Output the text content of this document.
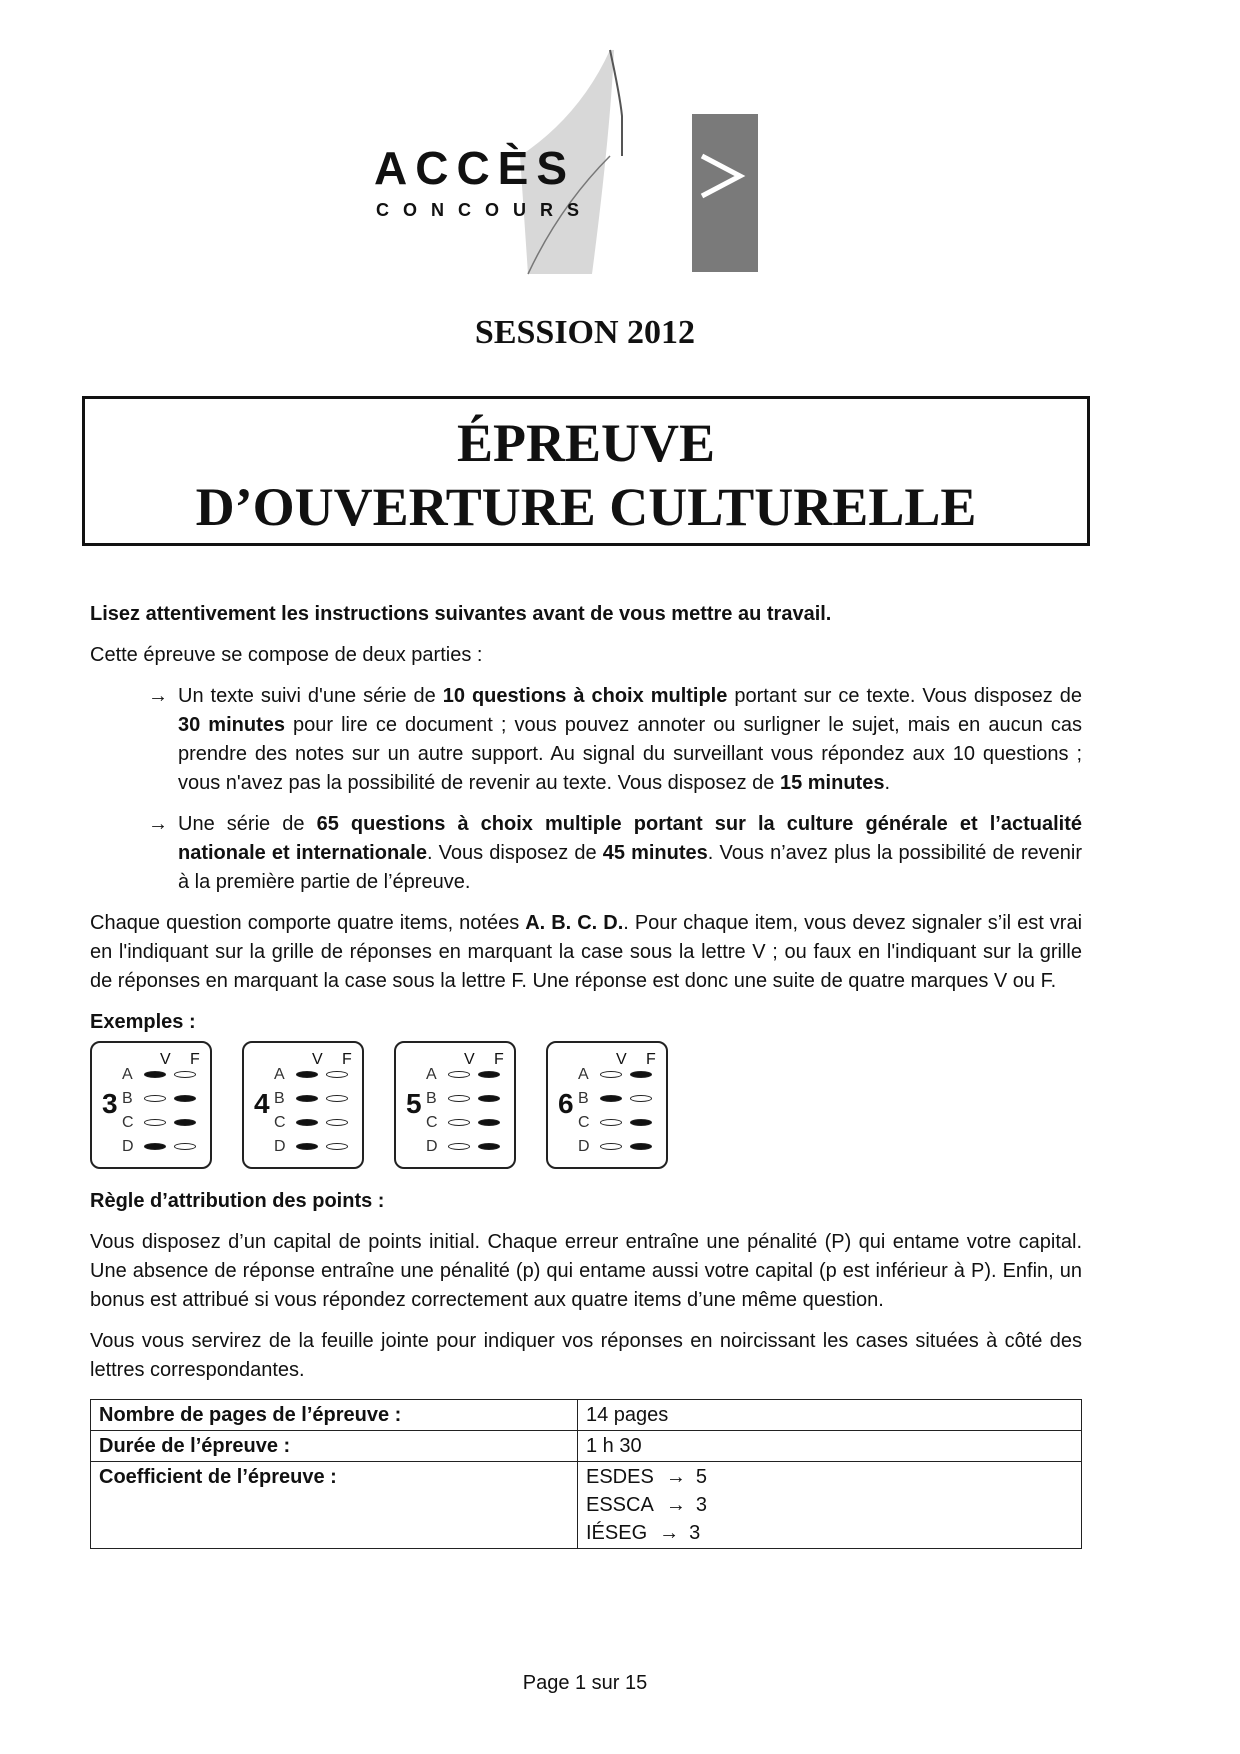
ACCÈS
CONCOURS
SESSION 2012
ÉPREUVE
D’OUVERTURE CULTURELLE

Lisez attentivement les instructions suivantes avant de vous mettre au travail.

Cette épreuve se compose de deux parties :

→ Un texte suivi d'une série de 10 questions à choix multiple portant sur ce texte. Vous disposez de 30 minutes pour lire ce document ; vous pouvez annoter ou surligner le sujet, mais en aucun cas prendre des notes sur un autre support. Au signal du surveillant vous répondez aux 10 questions ; vous n'avez pas la possibilité de revenir au texte. Vous disposez de 15 minutes.

→ Une série de 65 questions à choix multiple portant sur la culture générale et l’actualité nationale et internationale. Vous disposez de 45 minutes. Vous n’avez plus la possibilité de revenir à la première partie de l’épreuve.

Chaque question comporte quatre items, notées A. B. C. D.. Pour chaque item, vous devez signaler s’il est vrai en l'indiquant sur la grille de réponses en marquant la case sous la lettre V ; ou faux en l'indiquant sur la grille de réponses en marquant la case sous la lettre F. Une réponse est donc une suite de quatre marques V ou F.

Exemples :

3
V F
A
B
C
D
4
V F
A
B
C
D
5
V F
A
B
C
D
6
V F
A
B
C
D

Règle d’attribution des points :

Vous disposez d’un capital de points initial. Chaque erreur entraîne une pénalité (P) qui entame votre capital. Une absence de réponse entraîne une pénalité (p) qui entame aussi votre capital (p est inférieur à P). Enfin, un bonus est attribué si vous répondez correctement aux quatre items d’une même question.

Vous vous servirez de la feuille jointe pour indiquer vos réponses en noircissant les cases situées à côté des lettres correspondantes.

Nombre de pages de l’épreuve :	14 pages
Durée de l’épreuve :	1 h 30
Coefficient de l’épreuve :	ESDES → 5
ESSCA → 3
IÉSEG → 3
Page 1 sur 15
